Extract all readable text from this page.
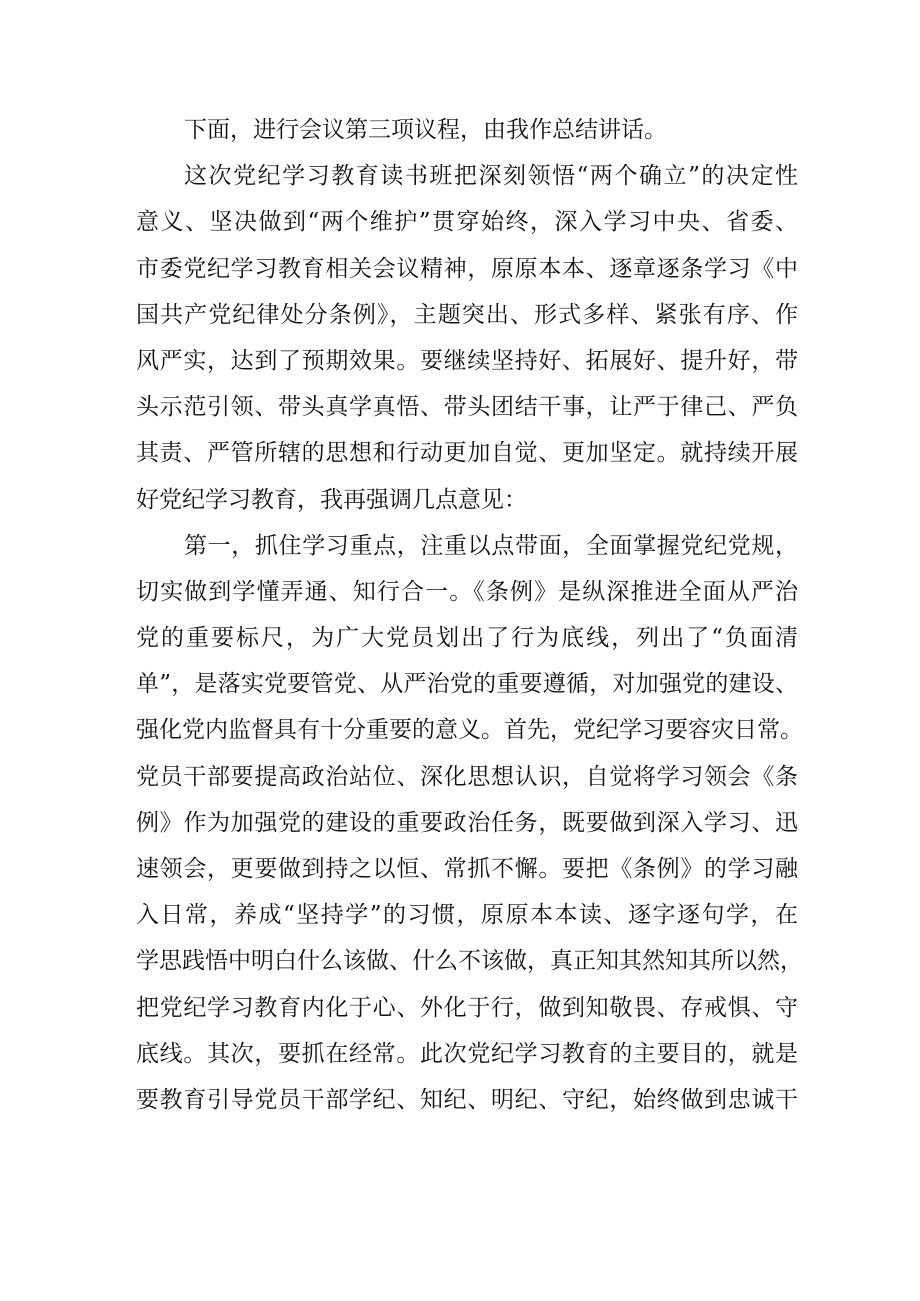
下面，进行会议第三项议程，由我作总结讲话。
这次党纪学习教育读书班把深刻领悟“两个确立”的决定性
意义、坚决做到“两个维护”贯穿始终，深入学习中央、省委、
市委党纪学习教育相关会议精神，原原本本、逐章逐条学习《中
国共产党纪律处分条例》，主题突出、形式多样、紧张有序、作
风严实，达到了预期效果。要继续坚持好、拓展好、提升好，带
头示范引领、带头真学真悟、带头团结干事，让严于律己、严负
其责、严管所辖的思想和行动更加自觉、更加坚定。就持续开展
好党纪学习教育，我再强调几点意见：
第一，抓住学习重点，注重以点带面，全面掌握党纪党规，
切实做到学懂弄通、知行合一。《条例》是纵深推进全面从严治
党的重要标尺，为广大党员划出了行为底线，列出了“负面清
单”，是落实党要管党、从严治党的重要遵循，对加强党的建设、
强化党内监督具有十分重要的意义。首先，党纪学习要容灾日常。
党员干部要提高政治站位、深化思想认识，自觉将学习领会《条
例》作为加强党的建设的重要政治任务，既要做到深入学习、迅
速领会，更要做到持之以恒、常抓不懈。要把《条例》的学习融
入日常，养成“坚持学”的习惯，原原本本读、逐字逐句学，在
学思践悟中明白什么该做、什么不该做，真正知其然知其所以然，
把党纪学习教育内化于心、外化于行，做到知敬畏、存戒惧、守
底线。其次，要抓在经常。此次党纪学习教育的主要目的，就是
要教育引导党员干部学纪、知纪、明纪、守纪，始终做到忠诚干
